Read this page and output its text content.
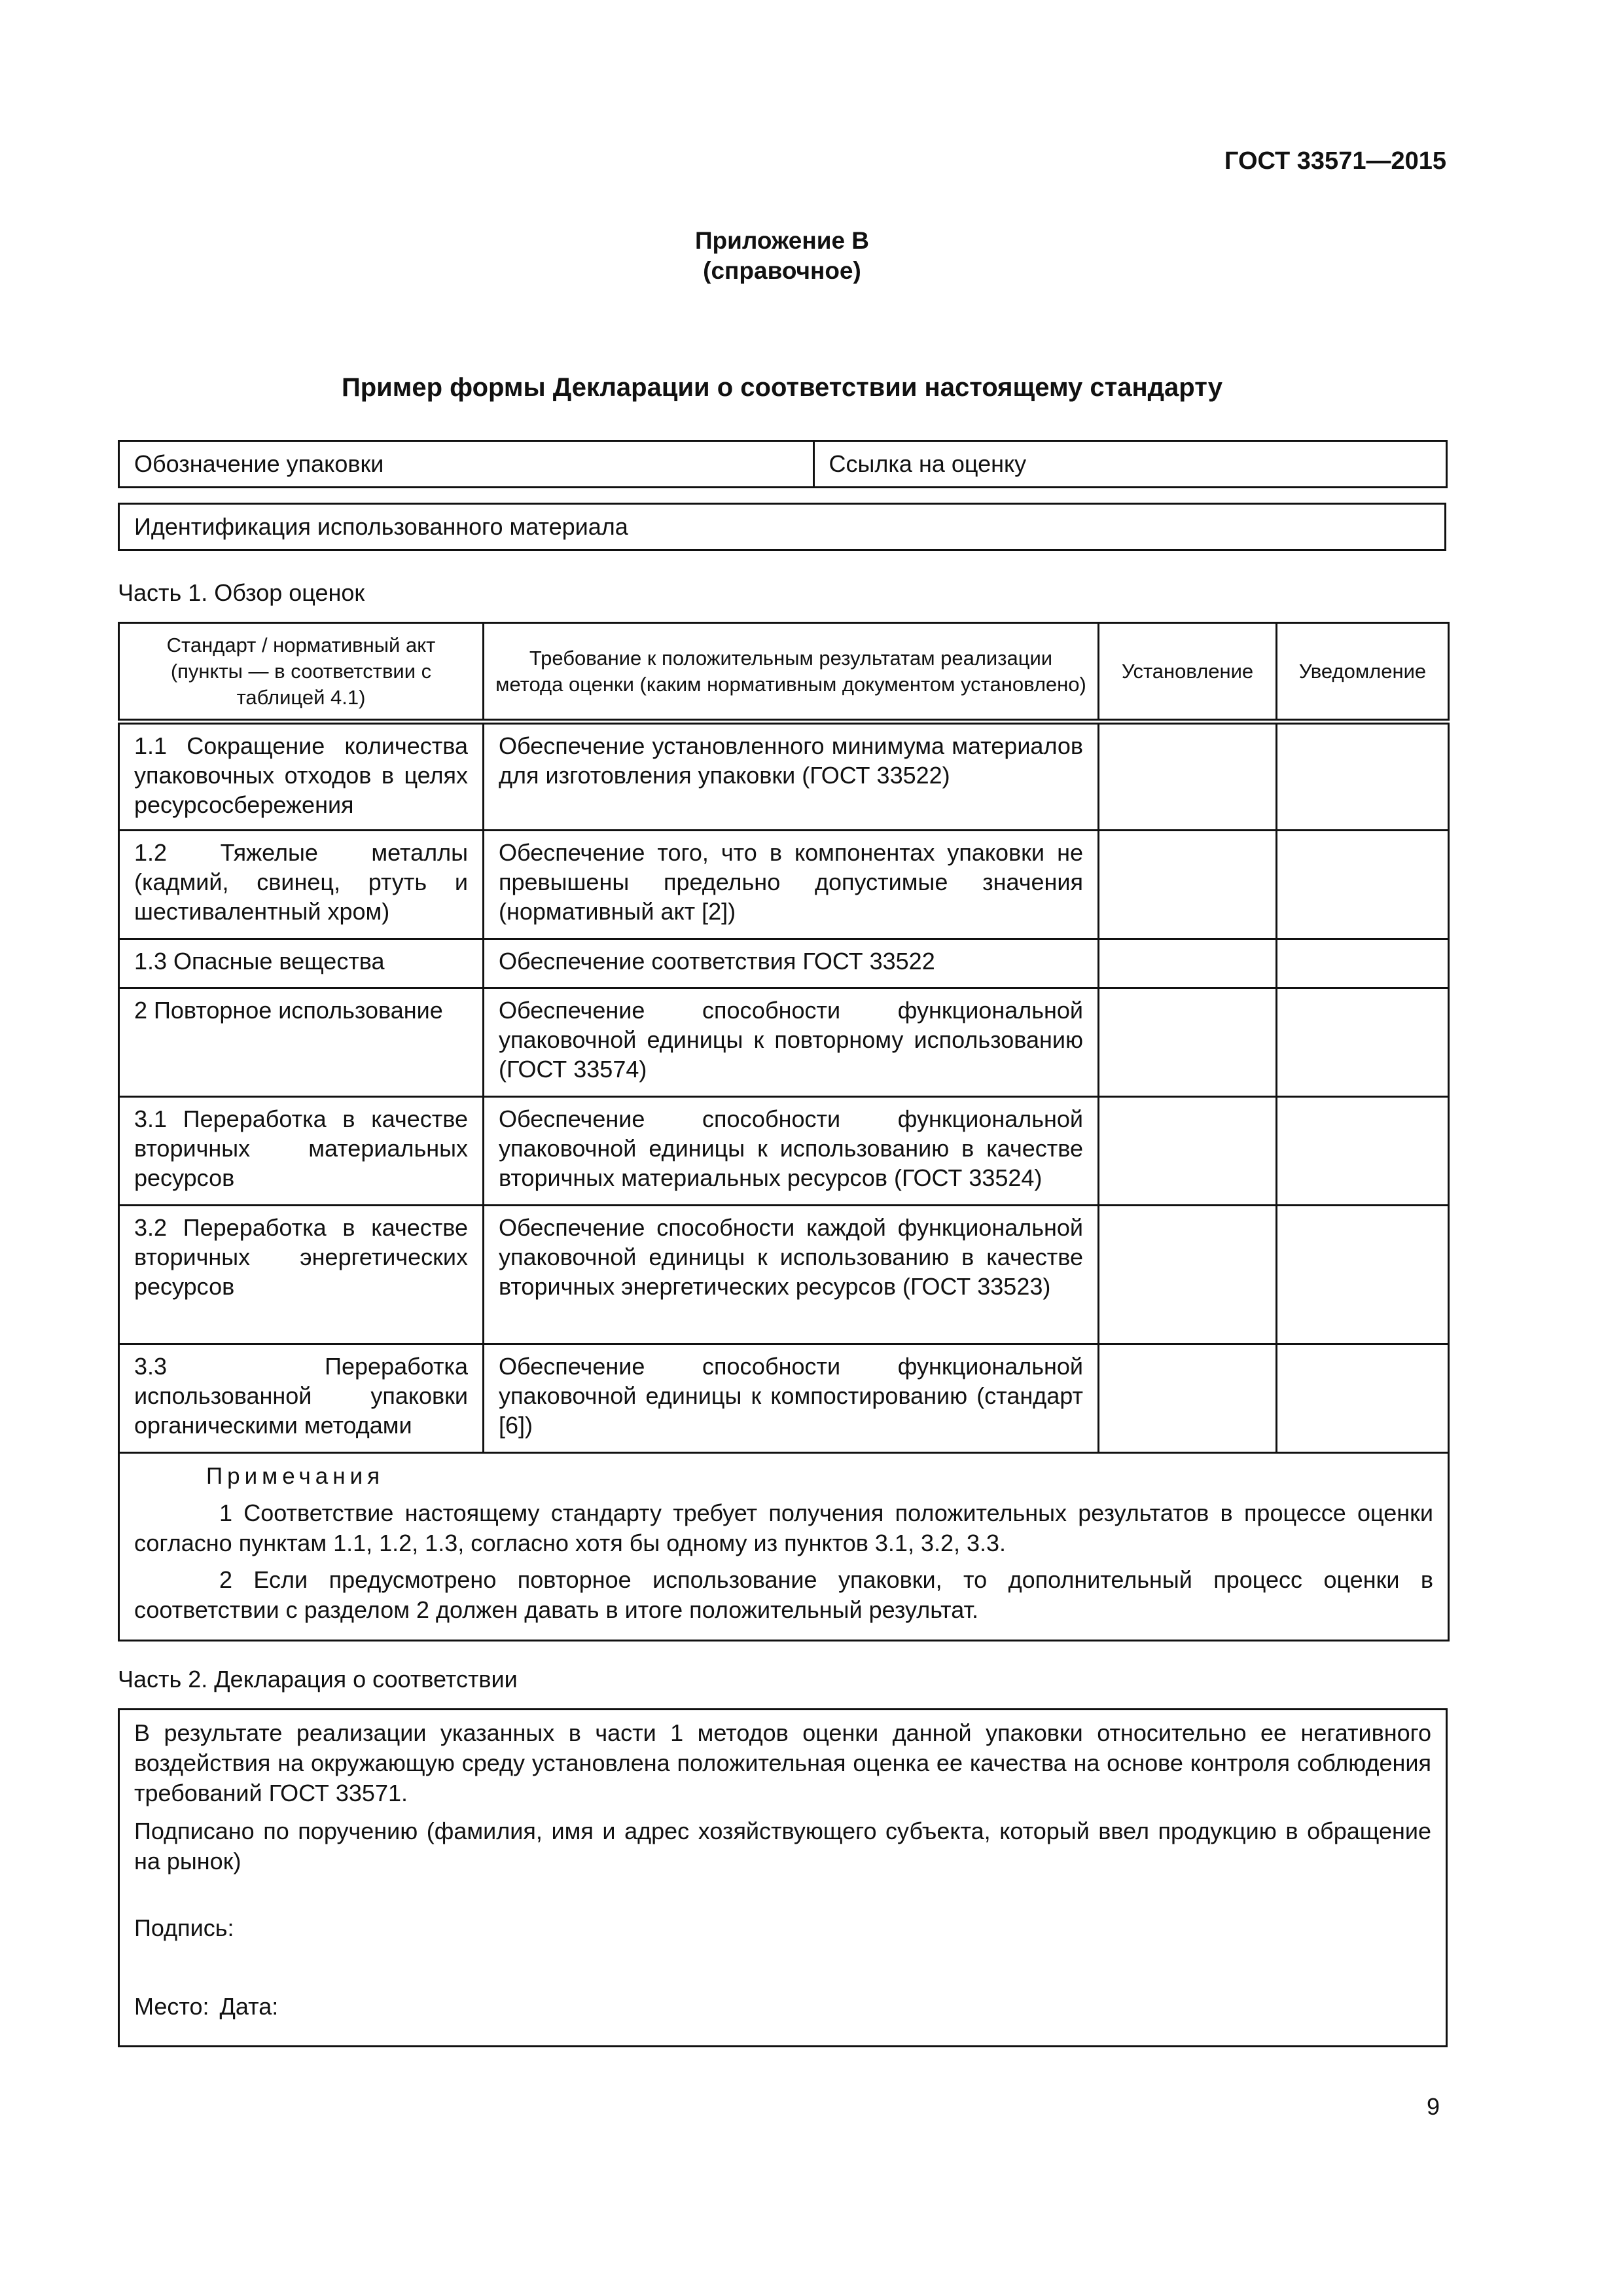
ГОСТ 33571—2015
Приложение В
(справочное)
Пример формы Декларации о соответствии настоящему стандарту
Обозначение упаковки	Ссылка на оценку
Идентификация использованного материала
Часть 1. Обзор оценок
Стандарт / нормативный акт (пункты — в соответствии с таблицей 4.1)	Требование к положительным результатам реализации метода оценки (каким нормативным документом установлено)	Установление	Уведомление
1.1 Сокращение количества упаковочных отходов в целях ресурсосбережения	Обеспечение установленного минимума материалов для изготовления упаковки (ГОСТ 33522)		
1.2 Тяжелые металлы (кадмий, свинец, ртуть и шестивалентный хром)	Обеспечение того, что в компонентах упаковки не превышены предельно допустимые значения (нормативный акт [2])		
1.3 Опасные вещества	Обеспечение соответствия ГОСТ 33522		
2 Повторное использование	Обеспечение способности функциональной упаковочной единицы к повторному использованию (ГОСТ 33574)		
3.1 Переработка в качестве вторичных материальных ресурсов	Обеспечение способности функциональной упаковочной единицы к использованию в качестве вторичных материальных ресурсов (ГОСТ 33524)		
3.2 Переработка в качестве вторичных энергетических ресурсов	Обеспечение способности каждой функциональной упаковочной единицы к использованию в качестве вторичных энергетических ресурсов (ГОСТ 33523)		
3.3 Переработка использованной упаковки органическими методами	Обеспечение способности функциональной упаковочной единицы к компостированию (стандарт [6])		

Примечания
1 Соответствие настоящему стандарту требует получения положительных результатов в процессе оценки согласно пунктам 1.1, 1.2, 1.3, согласно хотя бы одному из пунктов 3.1, 3.2, 3.3.
2 Если предусмотрено повторное использование упаковки, то дополнительный процесс оценки в соответствии с разделом 2 должен давать в итоге положительный результат.			
Часть 2. Декларация о соответствии

В результате реализации указанных в части 1 методов оценки данной упаковки относительно ее негативного воздействия на окружающую среду установлена положительная оценка ее качества на основе контроля соблюдения требований ГОСТ 33571.

Подписано по поручению (фамилия, имя и адрес хозяйствующего субъекта, который ввел продукцию в обращение на рынок)

Подпись:
Место: Дата:
9
